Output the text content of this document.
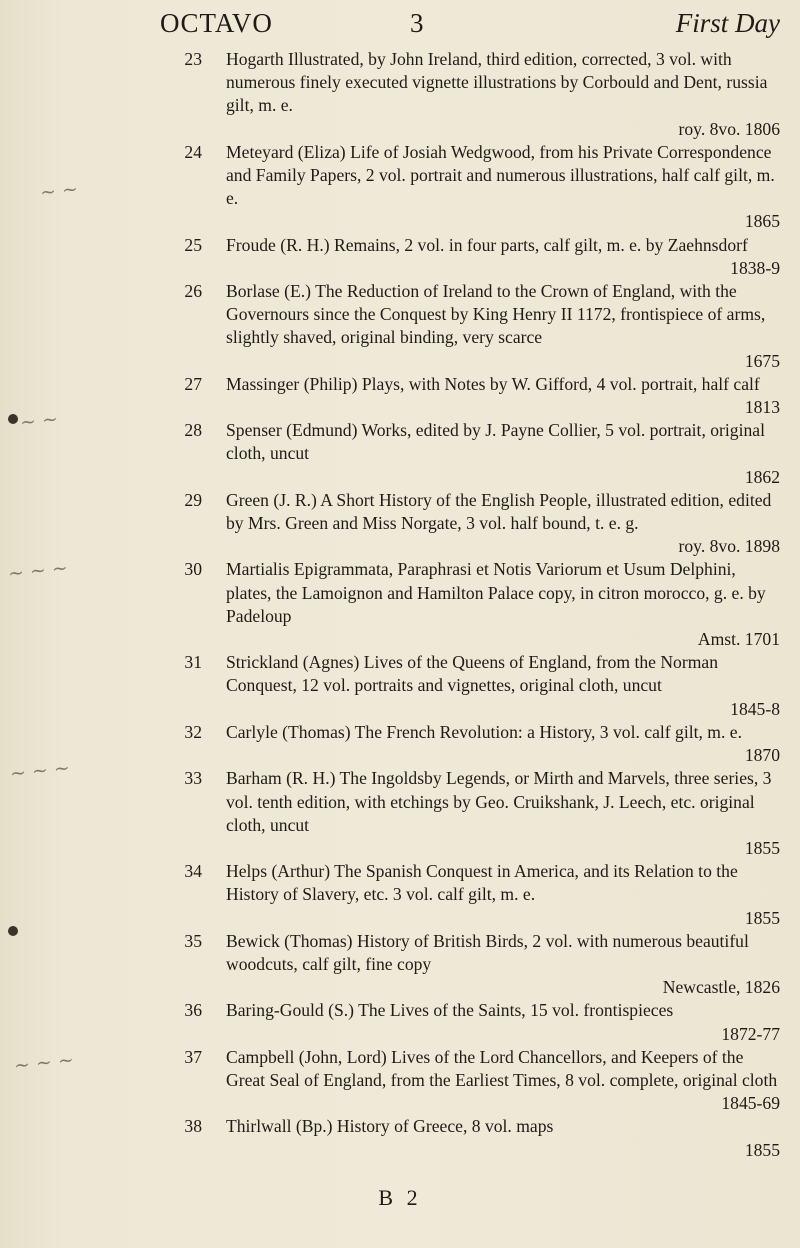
~ ~
~ ~
~ ~ ~
~ ~ ~
~ ~ ~
OCTAVO	3	First Day
23 Hogarth Illustrated, by John Ireland, third edition, corrected, 3 vol. with numerous finely executed vignette illustrations by Corbould and Dent, russia gilt, m. e.
roy. 8vo. 1806
24 Meteyard (Eliza) Life of Josiah Wedgwood, from his Private Correspondence and Family Papers, 2 vol. portrait and numerous illustrations, half calf gilt, m. e.
1865
25 Froude (R. H.) Remains, 2 vol. in four parts, calf gilt, m. e. by Zaehnsdorf
1838-9
26 Borlase (E.) The Reduction of Ireland to the Crown of England, with the Governours since the Conquest by King Henry II 1172, frontispiece of arms, slightly shaved, original binding, very scarce
1675
27 Massinger (Philip) Plays, with Notes by W. Gifford, 4 vol. portrait, half calf
1813
28 Spenser (Edmund) Works, edited by J. Payne Collier, 5 vol. portrait, original cloth, uncut
1862
29 Green (J. R.) A Short History of the English People, illustrated edition, edited by Mrs. Green and Miss Norgate, 3 vol. half bound, t. e. g.
roy. 8vo. 1898
30 Martialis Epigrammata, Paraphrasi et Notis Variorum et Usum Delphini, plates, the Lamoignon and Hamilton Palace copy, in citron morocco, g. e. by Padeloup
Amst. 1701
31 Strickland (Agnes) Lives of the Queens of England, from the Norman Conquest, 12 vol. portraits and vignettes, original cloth, uncut
1845-8
32 Carlyle (Thomas) The French Revolution: a History, 3 vol. calf gilt, m. e.
1870
33 Barham (R. H.) The Ingoldsby Legends, or Mirth and Marvels, three series, 3 vol. tenth edition, with etchings by Geo. Cruikshank, J. Leech, etc. original cloth, uncut
1855
34 Helps (Arthur) The Spanish Conquest in America, and its Relation to the History of Slavery, etc. 3 vol. calf gilt, m. e.
1855
35 Bewick (Thomas) History of British Birds, 2 vol. with numerous beautiful woodcuts, calf gilt, fine copy
Newcastle, 1826
36 Baring-Gould (S.) The Lives of the Saints, 15 vol. frontispieces
1872-77
37 Campbell (John, Lord) Lives of the Lord Chancellors, and Keepers of the Great Seal of England, from the Earliest Times, 8 vol. complete, original cloth
1845-69
38 Thirlwall (Bp.) History of Greece, 8 vol. maps
1855
B 2
